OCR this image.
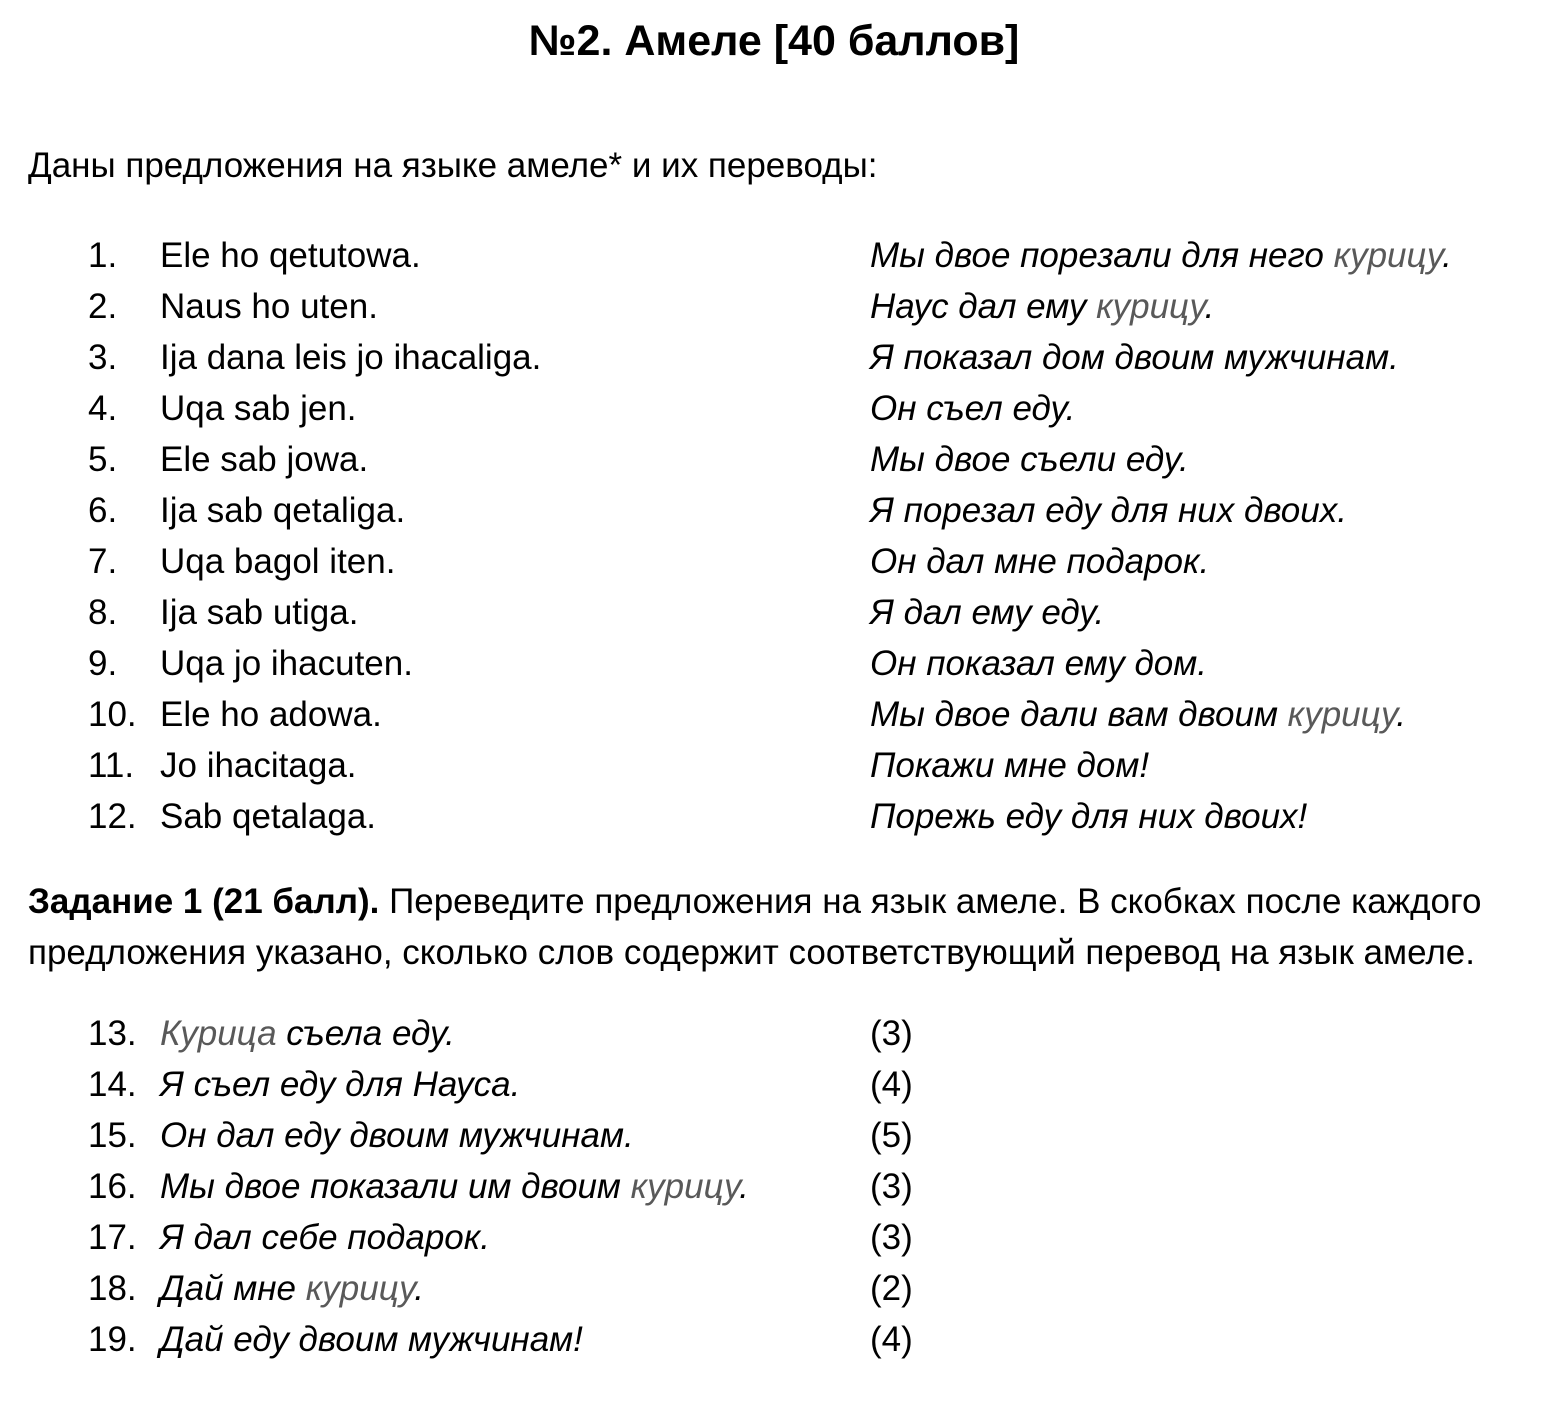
№2. Амеле [40 баллов]
Даны предложения на языке амеле* и их переводы:
1.	Ele ho qetutowa.	Мы двое порезали для него курицу.
2.	Naus ho uten.	Наус дал ему курицу.
3.	Ija dana leis jo ihacaliga.	Я показал дом двоим мужчинам.
4.	Uqa sab jen.	Он съел еду.
5.	Ele sab jowa.	Мы двое съели еду.
6.	Ija sab qetaliga.	Я порезал еду для них двоих.
7.	Uqa bagol iten.	Он дал мне подарок.
8.	Ija sab utiga.	Я дал ему еду.
9.	Uqa jo ihacuten.	Он показал ему дом.
10. Ele ho adowa.	Мы двое дали вам двоим курицу.
11. Jo ihacitaga.	Покажи мне дом!
12. Sab qetalaga.	Порежь еду для них двоих!
Задание 1 (21 балл). Переведите предложения на язык амеле. В скобках после каждого предложения указано, сколько слов содержит соответствующий перевод на язык амеле.
13. Курица съела еду.	(3)
14. Я съел еду для Науса.	(4)
15. Он дал еду двоим мужчинам.	(5)
16. Мы двое показали им двоим курицу.	(3)
17. Я дал себе подарок.	(3)
18. Дай мне курицу.	(2)
19. Дай еду двоим мужчинам!	(4)
